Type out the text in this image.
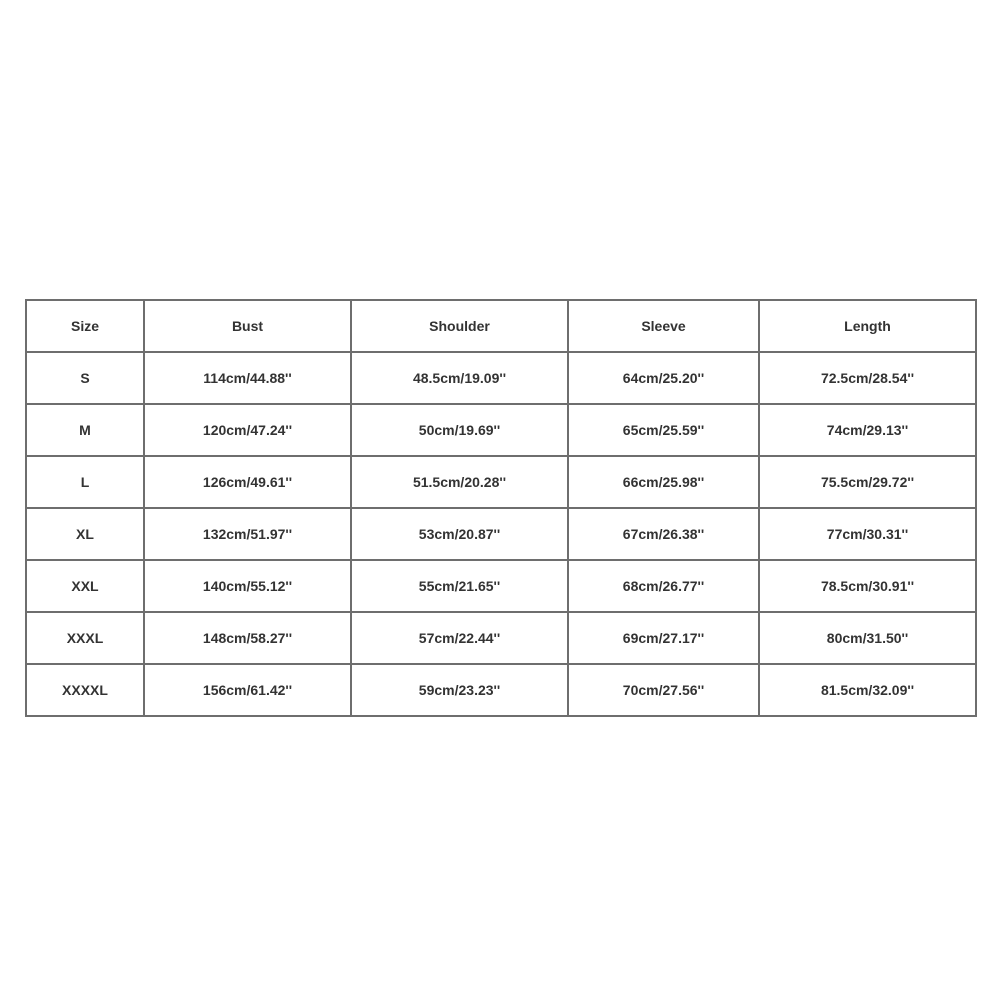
Size	Bust	Shoulder	Sleeve	Length
S	114cm/44.88''	48.5cm/19.09''	64cm/25.20''	72.5cm/28.54''
M	120cm/47.24''	50cm/19.69''	65cm/25.59''	74cm/29.13''
L	126cm/49.61''	51.5cm/20.28''	66cm/25.98''	75.5cm/29.72''
XL	132cm/51.97''	53cm/20.87''	67cm/26.38''	77cm/30.31''
XXL	140cm/55.12''	55cm/21.65''	68cm/26.77''	78.5cm/30.91''
XXXL	148cm/58.27''	57cm/22.44''	69cm/27.17''	80cm/31.50''
XXXXL	156cm/61.42''	59cm/23.23''	70cm/27.56''	81.5cm/32.09''
